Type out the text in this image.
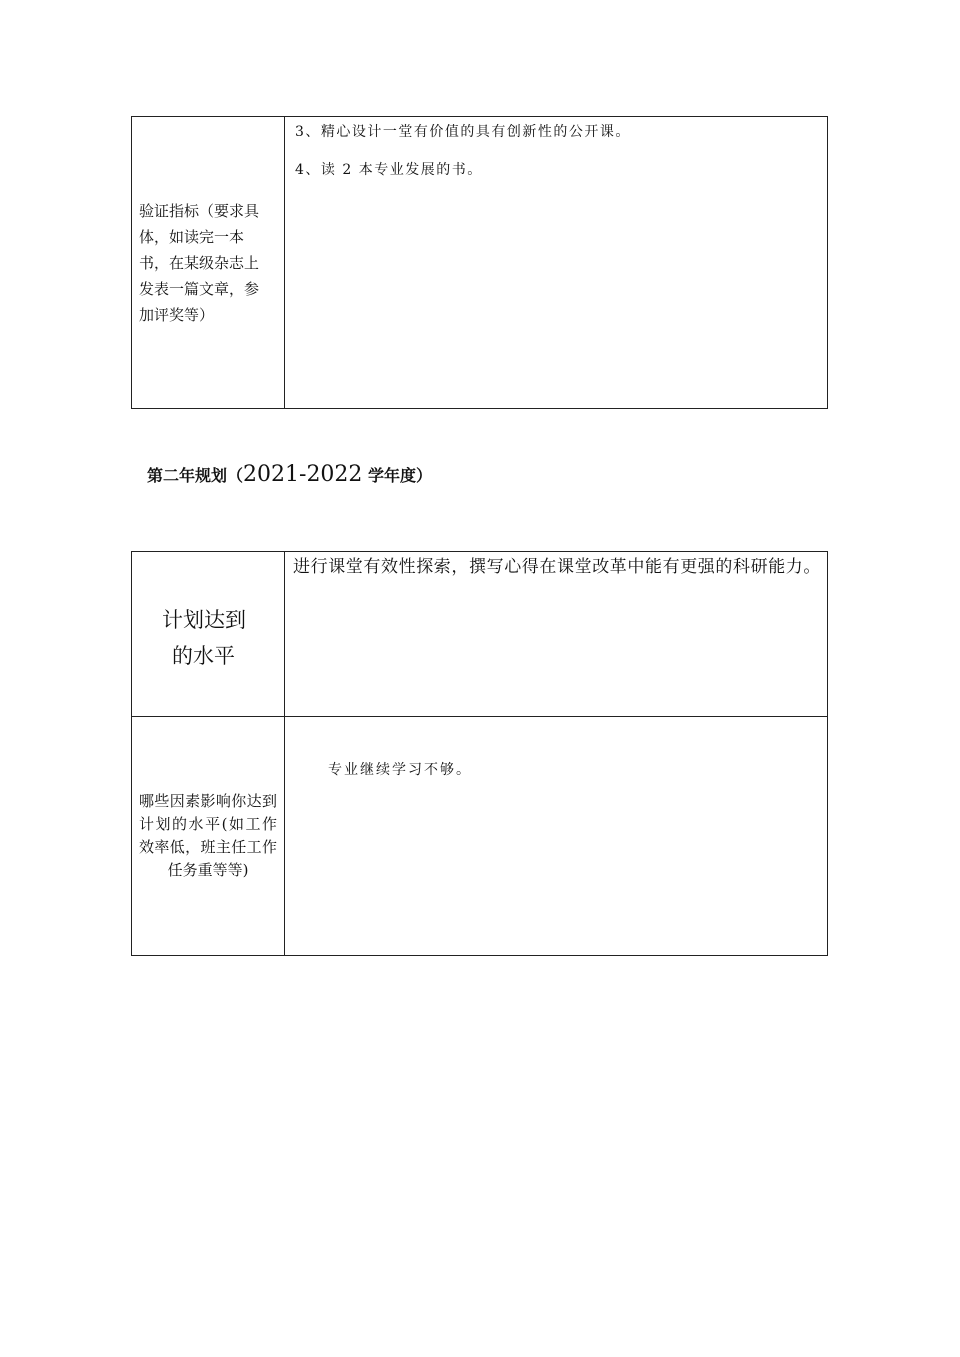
验证指标（要求具
体，如读完一本
书，在某级杂志上
发表一篇文章，参
加评奖等）
3、精心设计一堂有价值的具有创新性的公开课。
4、读 2 本专业发展的书。
第二年规划（2021-2022 学年度）
计划达到
的水平
进行课堂有效性探索，撰写心得在课堂改革中能有更强的科研能力。
哪些因素影响你达到计划的水平(如工作效率低，班主任工作任务重等等)
专业继续学习不够。
